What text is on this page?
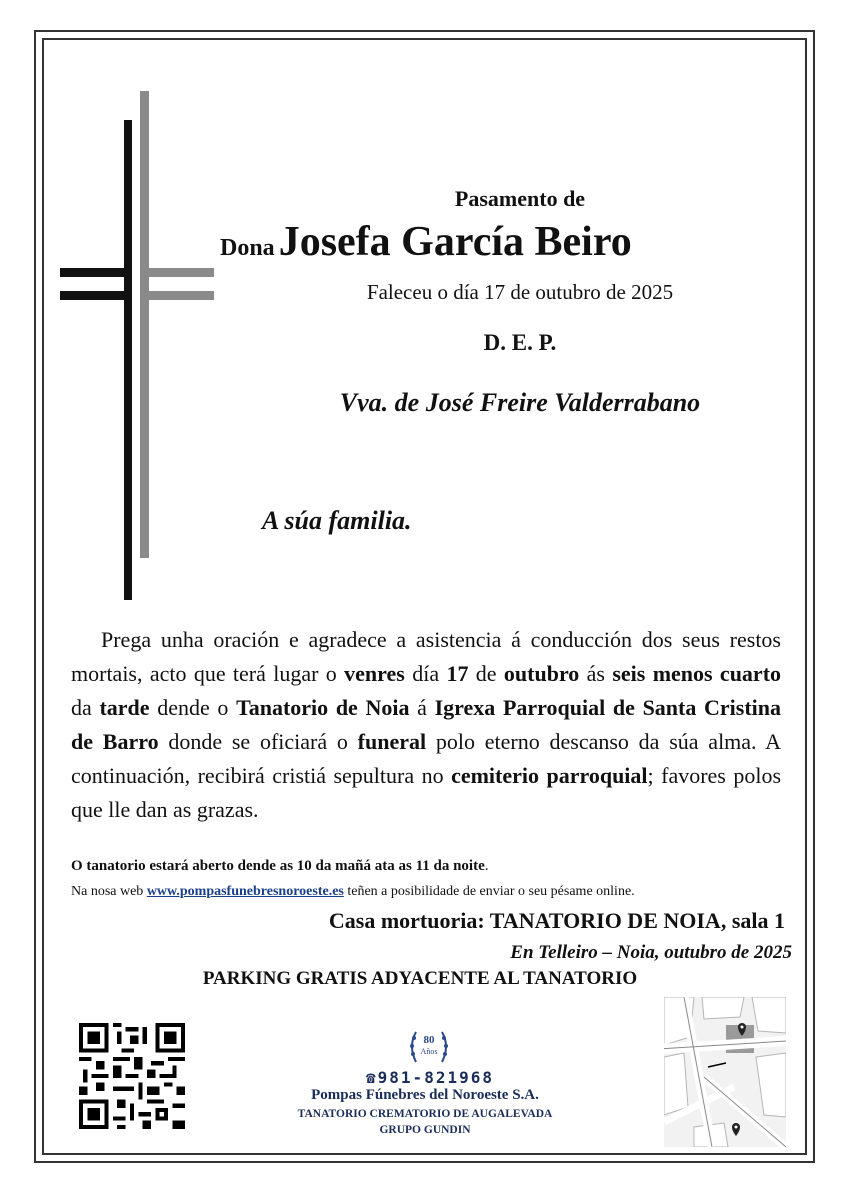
Pasamento de
Dona Josefa García Beiro
Faleceu o día 17 de outubro de 2025
D. E. P.
Vva. de José Freire Valderrabano
A súa familia.
Prega unha oración e agradece a asistencia á conducción dos seus restos mortais, acto que terá lugar o venres día 17 de outubro ás seis menos cuarto da tarde dende o Tanatorio de Noia á Igrexa Parroquial de Santa Cristina de Barro donde se oficiará o funeral polo eterno descanso da súa alma. A continuación, recibirá cristiá sepultura no cemiterio parroquial; favores polos que lle dan as grazas.
O tanatorio estará aberto dende as 10 da mañá ata as 11 da noite.
Na nosa web www.pompasfunebresnoroeste.es teñen a posibilidade de enviar o seu pésame online.
Casa mortuoria: TANATORIO DE NOIA, sala 1
En Telleiro – Noia, outubro de 2025
PARKING GRATIS ADYACENTE AL TANATORIO
80
Años
☎981-821968
Pompas Fúnebres del Noroeste S.A.
TANATORIO CREMATORIO DE AUGALEVADA
GRUPO GUNDIN
